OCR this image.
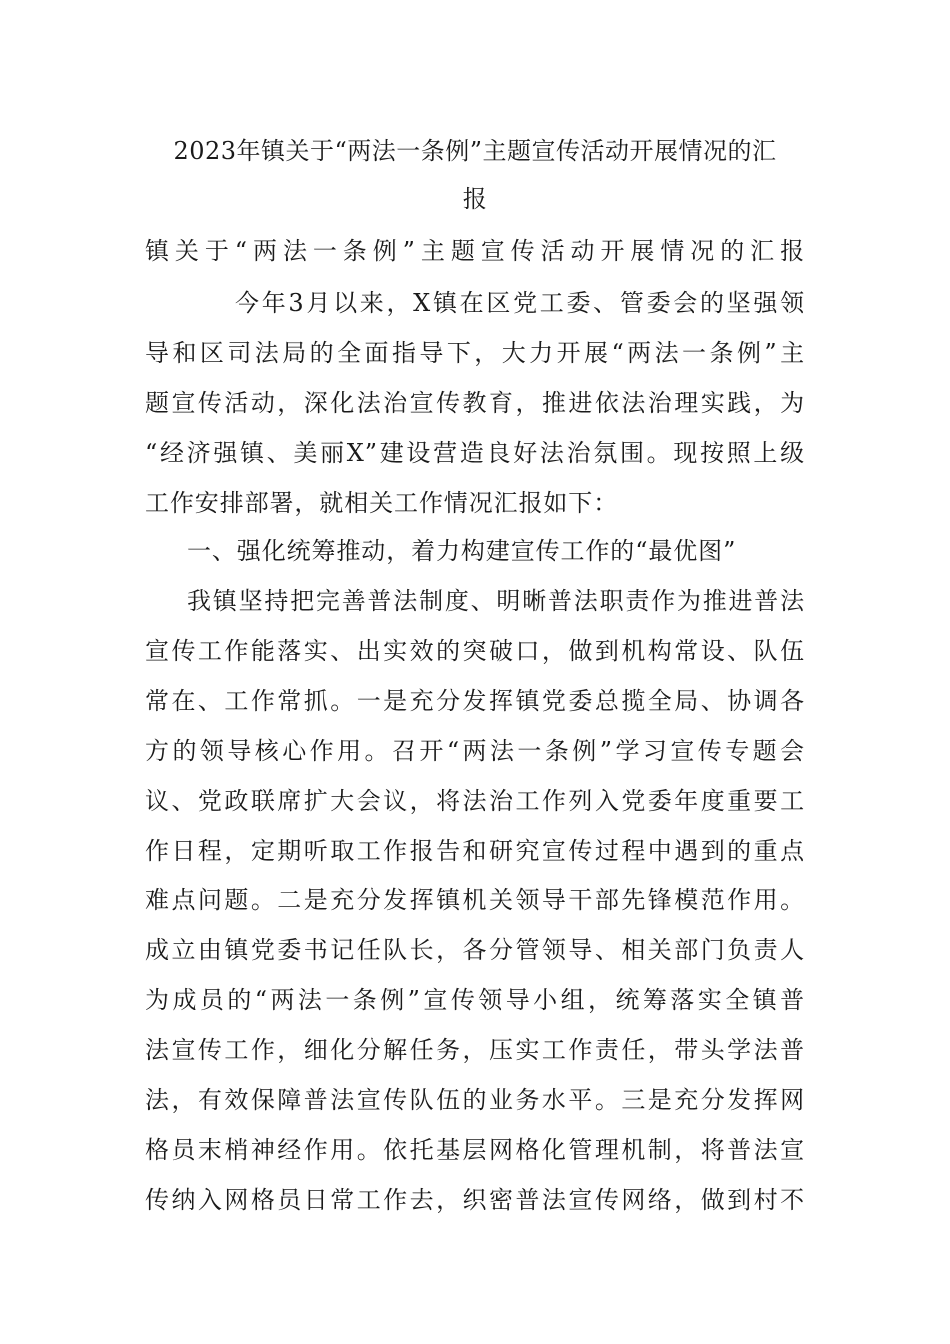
2023年镇关于“两法一条例”主题宣传活动开展情况的汇
报

镇关于“两法一条例”主题宣传活动开展情况的汇报

今年3月以来，X镇在区党工委、管委会的坚强领

导和区司法局的全面指导下，大力开展“两法一条例”主

题宣传活动，深化法治宣传教育，推进依法治理实践，为

“经济强镇、美丽X”建设营造良好法治氛围。现按照上级

工作安排部署，就相关工作情况汇报如下：

一、强化统筹推动，着力构建宣传工作的“最优图”

我镇坚持把完善普法制度、明晰普法职责作为推进普法

宣传工作能落实、出实效的突破口，做到机构常设、队伍

常在、工作常抓。一是充分发挥镇党委总揽全局、协调各

方的领导核心作用。召开“两法一条例”学习宣传专题会

议、党政联席扩大会议，将法治工作列入党委年度重要工

作日程，定期听取工作报告和研究宣传过程中遇到的重点

难点问题。二是充分发挥镇机关领导干部先锋模范作用。

成立由镇党委书记任队长，各分管领导、相关部门负责人

为成员的“两法一条例”宣传领导小组，统筹落实全镇普

法宣传工作，细化分解任务，压实工作责任，带头学法普

法，有效保障普法宣传队伍的业务水平。三是充分发挥网

格员末梢神经作用。依托基层网格化管理机制，将普法宣

传纳入网格员日常工作去，织密普法宣传网络，做到村不
